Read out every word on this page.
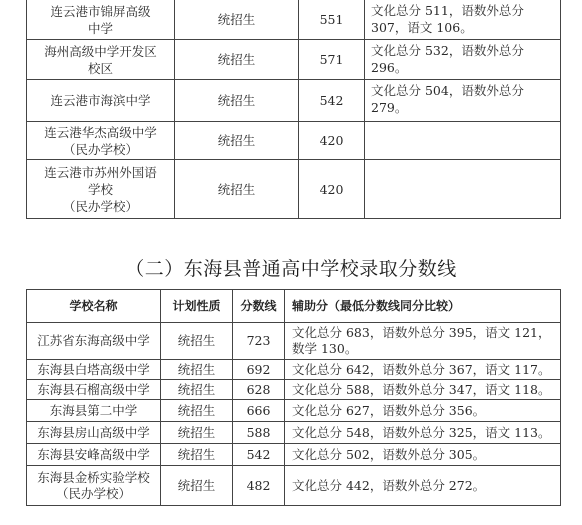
连云港市锦屏高级
中学	统招生	551	文化总分 511，语数外总分
307，语文 106。
海州高级中学开发区
校区	统招生	571	文化总分 532，语数外总分
296。
连云港市海滨中学	统招生	542	文化总分 504，语数外总分
279。
连云港华杰高级中学
（民办学校）	统招生	420	
连云港市苏州外国语
学校
（民办学校）	统招生	420	
（二）东海县普通高中学校录取分数线
学校名称	计划性质	分数线	辅助分（最低分数线同分比较）
江苏省东海高级中学	统招生	723	文化总分 683，语数外总分 395，语文 121，
数学 130。
东海县白塔高级中学	统招生	692	文化总分 642，语数外总分 367，语文 117。
东海县石榴高级中学	统招生	628	文化总分 588，语数外总分 347，语文 118。
东海县第二中学	统招生	666	文化总分 627，语数外总分 356。
东海县房山高级中学	统招生	588	文化总分 548，语数外总分 325，语文 113。
东海县安峰高级中学	统招生	542	文化总分 502，语数外总分 305。
东海县金桥实验学校
（民办学校）	统招生	482	文化总分 442，语数外总分 272。
